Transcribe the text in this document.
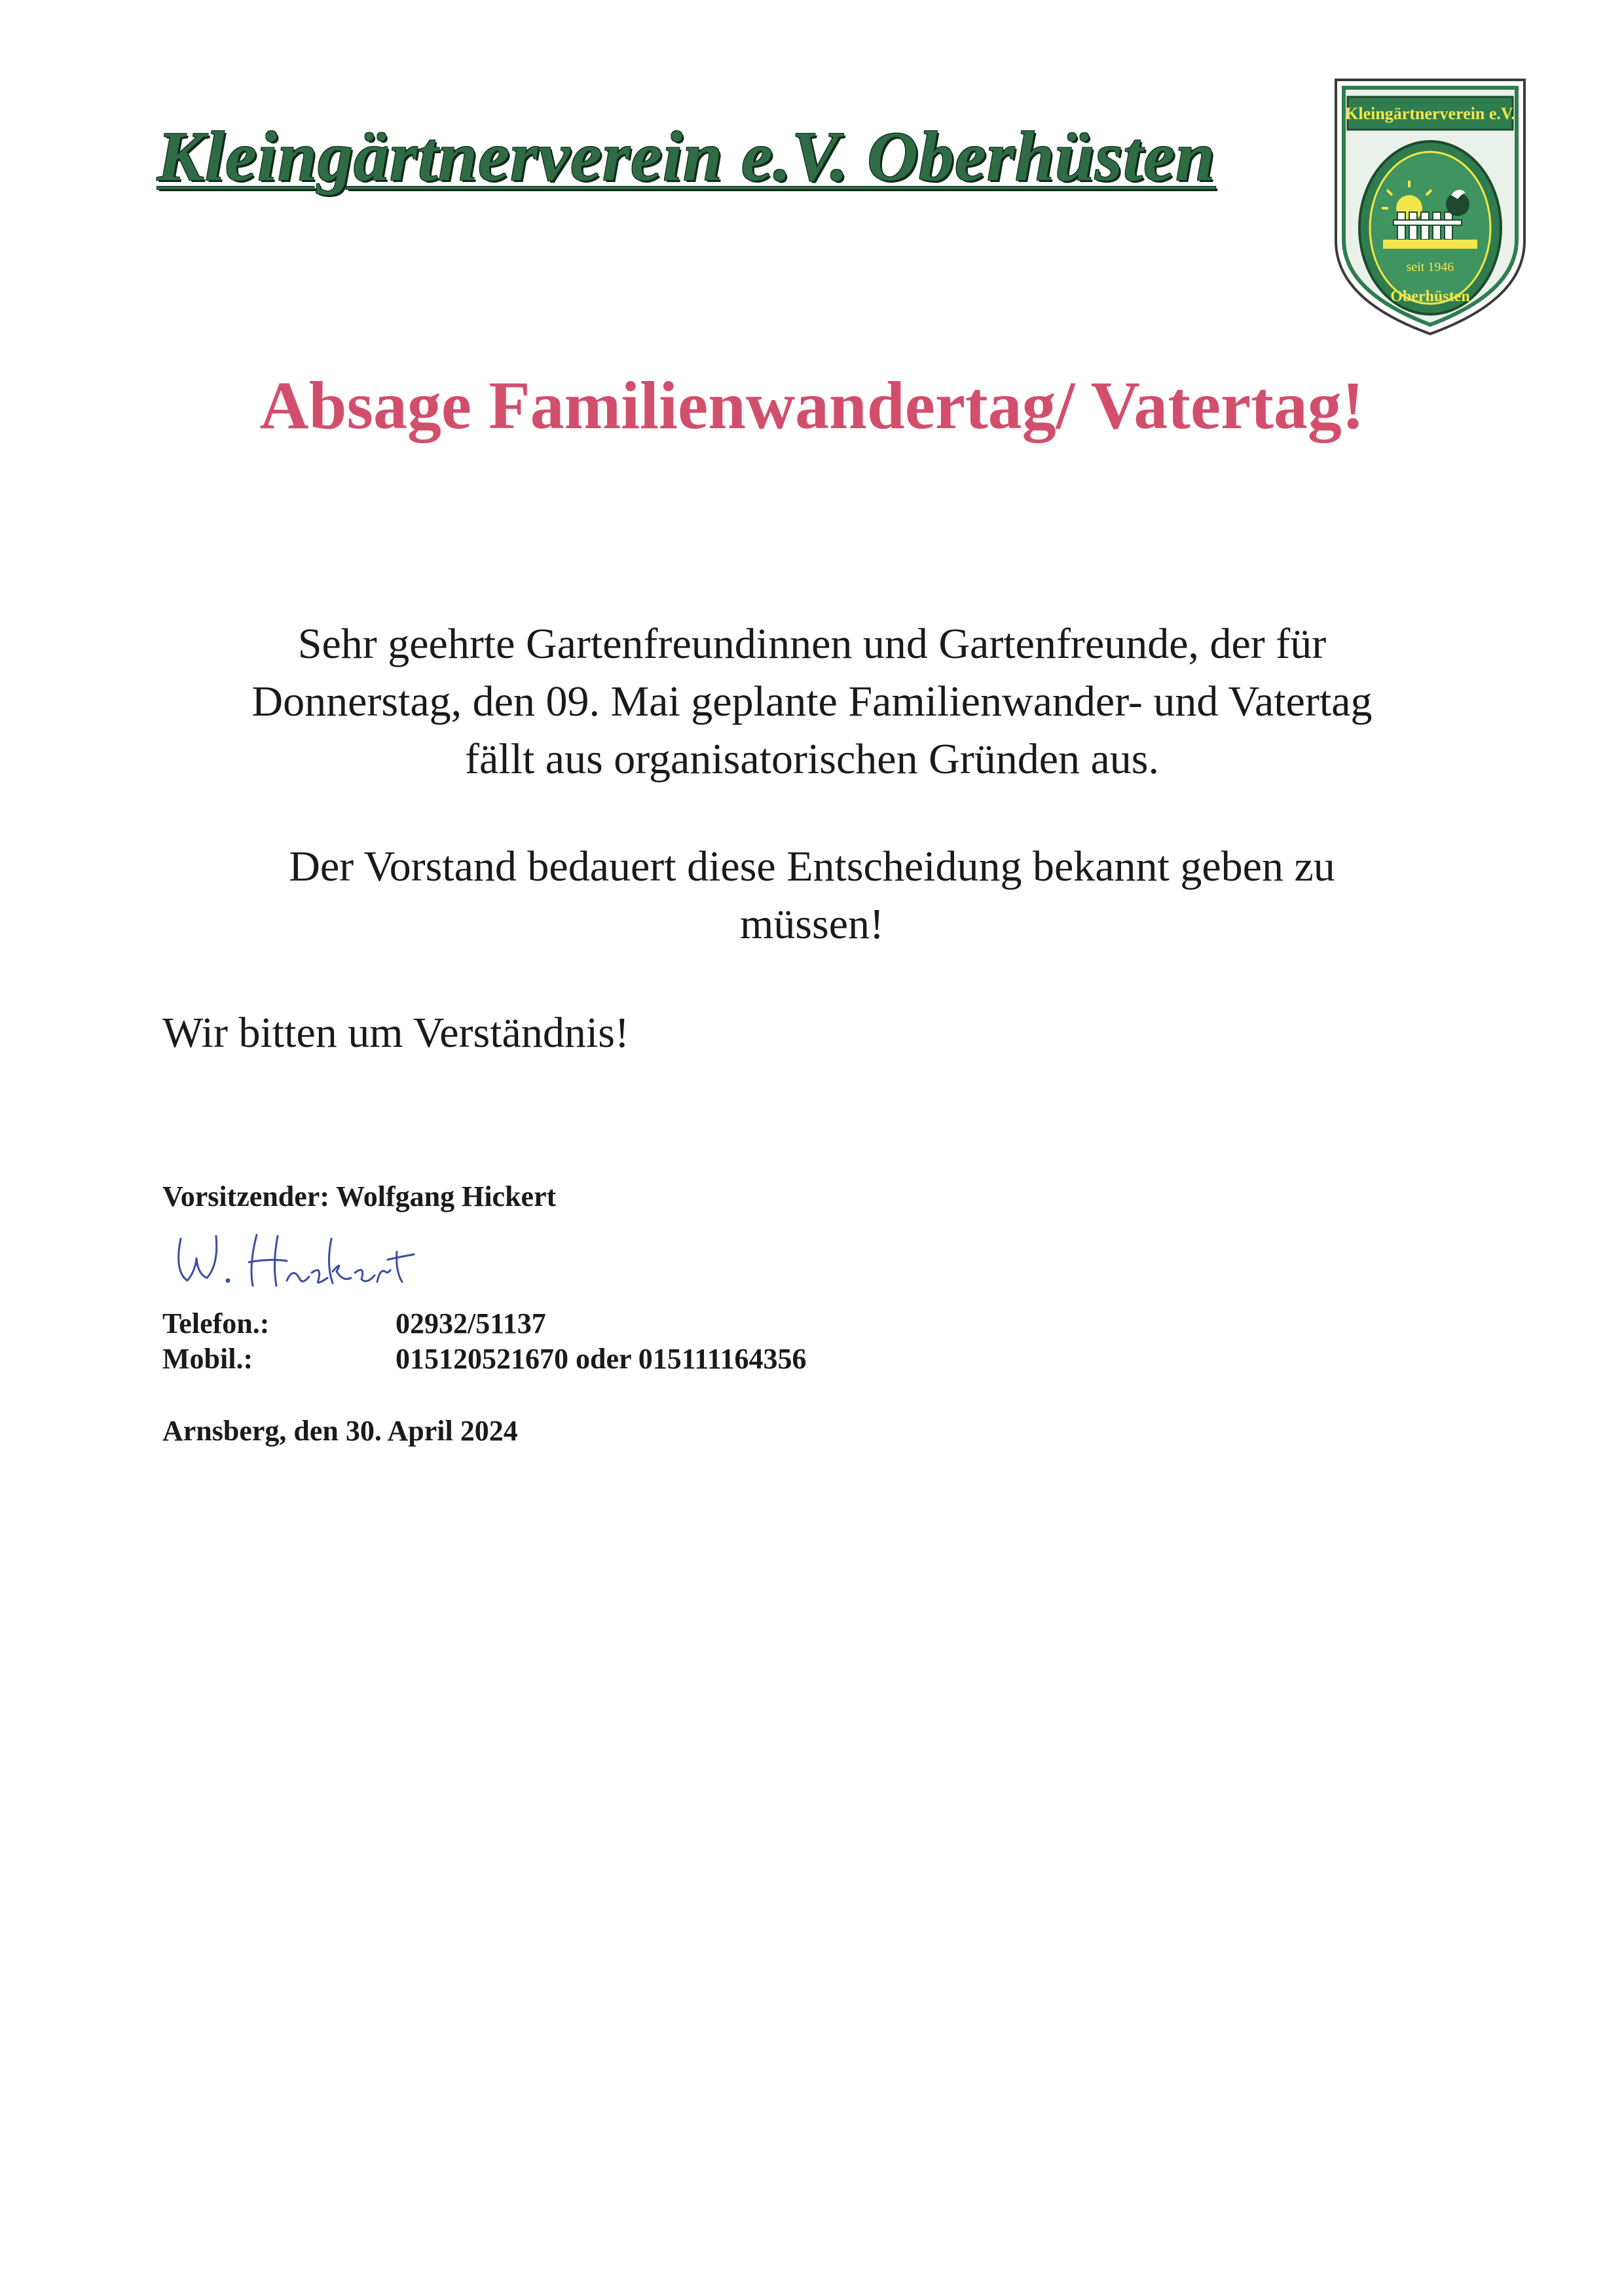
Kleingärtnerverein e.V. Oberhüsten
Kleingärtnerverein e.V.
seit 1946
Oberhüsten
Absage Familienwandertag/ Vatertag!
Sehr geehrte Gartenfreundinnen und Gartenfreunde, der für
Donnerstag, den 09. Mai geplante Familienwander- und Vatertag
fällt aus organisatorischen Gründen aus.
Der Vorstand bedauert diese Entscheidung bekannt geben zu
müssen!
Wir bitten um Verständnis!
Vorsitzender: Wolfgang Hickert
Telefon.:	02932/51137
Mobil.:	015120521670 oder 015111164356
Arnsberg, den 30. April 2024
